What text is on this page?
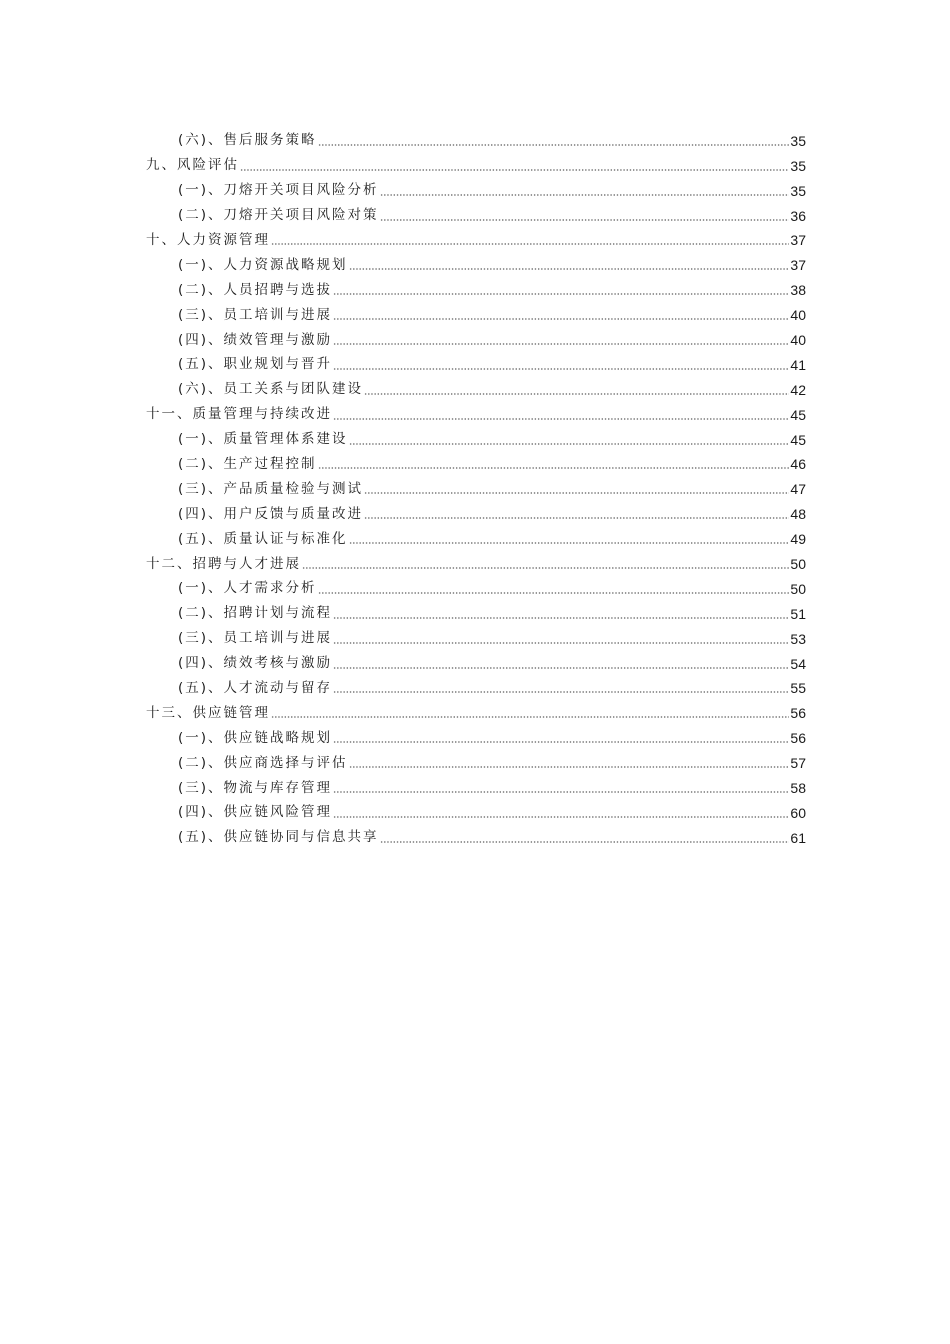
(六)、售后服务策略	35
九、风险评估	35
(一)、刀熔开关项目风险分析	35
(二)、刀熔开关项目风险对策	36
十、人力资源管理	37
(一)、人力资源战略规划	37
(二)、人员招聘与选拔	38
(三)、员工培训与进展	40
(四)、绩效管理与激励	40
(五)、职业规划与晋升	41
(六)、员工关系与团队建设	42
十一、质量管理与持续改进	45
(一)、质量管理体系建设	45
(二)、生产过程控制	46
(三)、产品质量检验与测试	47
(四)、用户反馈与质量改进	48
(五)、质量认证与标准化	49
十二、招聘与人才进展	50
(一)、人才需求分析	50
(二)、招聘计划与流程	51
(三)、员工培训与进展	53
(四)、绩效考核与激励	54
(五)、人才流动与留存	55
十三、供应链管理	56
(一)、供应链战略规划	56
(二)、供应商选择与评估	57
(三)、物流与库存管理	58
(四)、供应链风险管理	60
(五)、供应链协同与信息共享	61
